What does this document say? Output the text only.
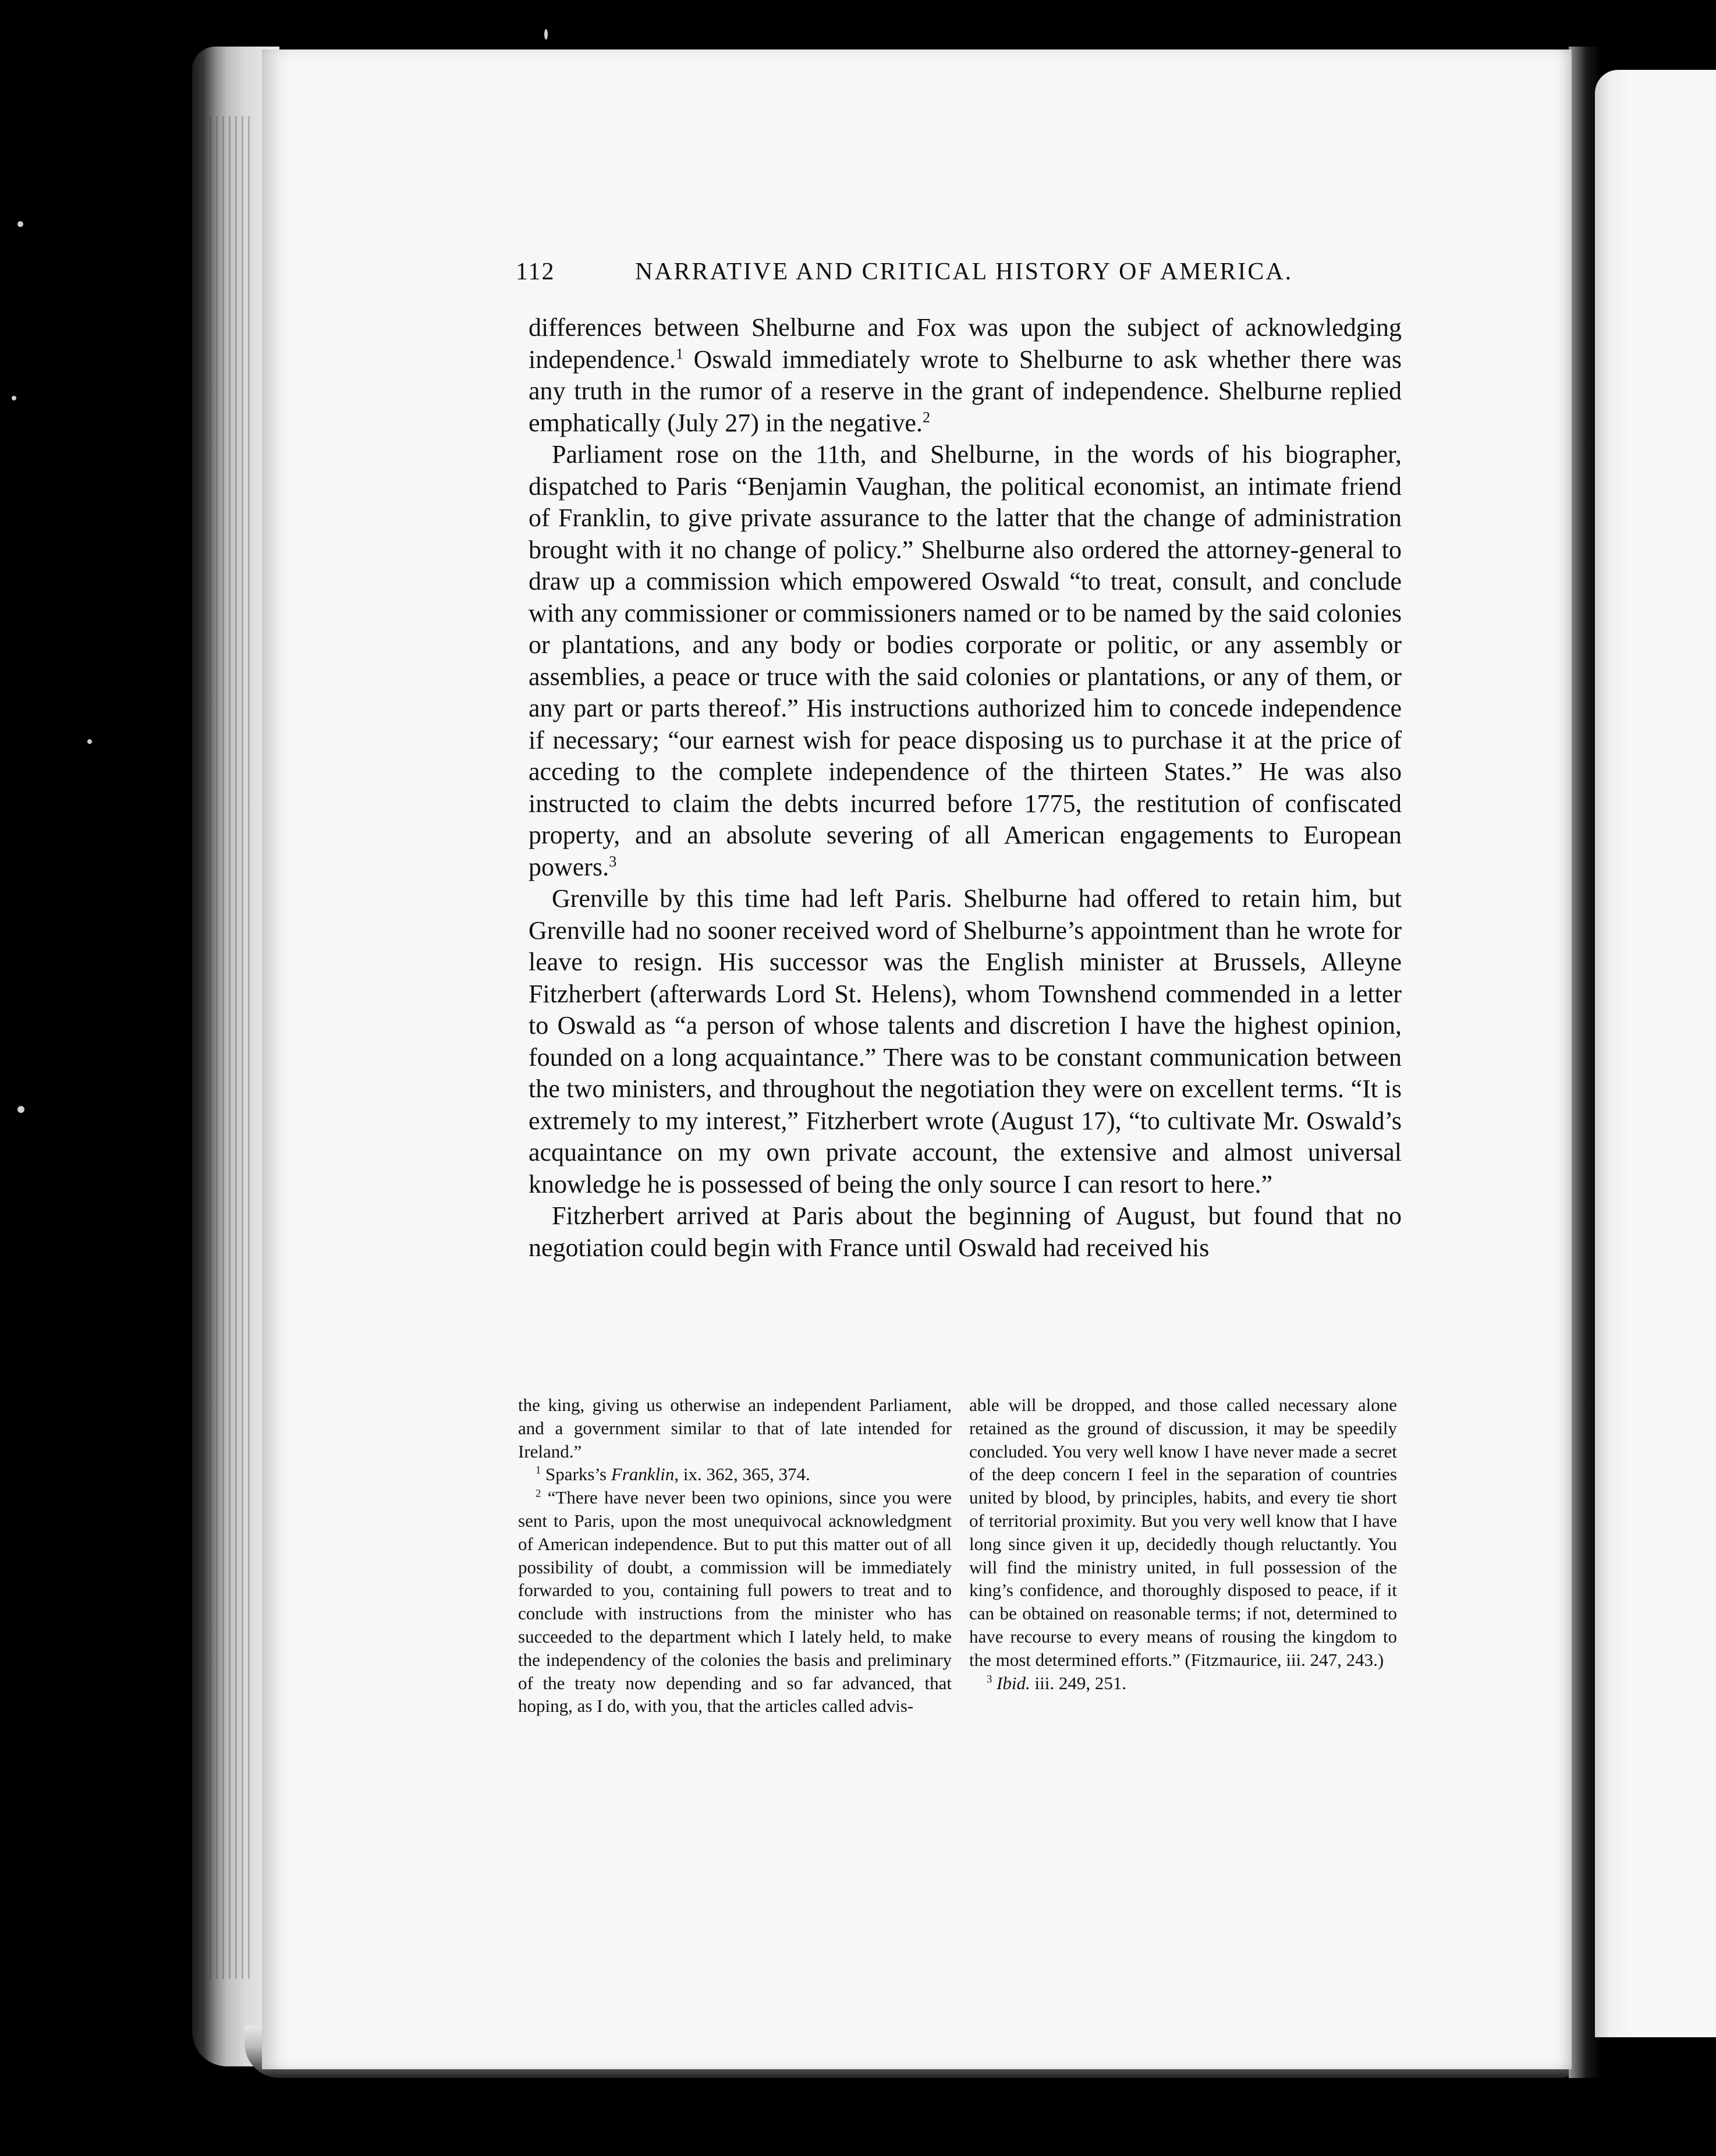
112	NARRATIVE AND CRITICAL HISTORY OF AMERICA.

differences between Shelburne and Fox was upon the subject of acknowledging independence.$^1$ Oswald immediately wrote to Shelburne to ask whether there was any truth in the rumor of a reserve in the grant of independence. Shelburne replied emphatically (July 27) in the negative.$^2$

Parliament rose on the 11th, and Shelburne, in the words of his biographer, dispatched to Paris “Benjamin Vaughan, the political economist, an intimate friend of Franklin, to give private assurance to the latter that the change of administration brought with it no change of policy.” Shelburne also ordered the attorney-general to draw up a commission which empowered Oswald “to treat, consult, and conclude with any commissioner or commissioners named or to be named by the said colonies or plantations, and any body or bodies corporate or politic, or any assembly or assemblies, a peace or truce with the said colonies or plantations, or any of them, or any part or parts thereof.” His instructions authorized him to concede independence if necessary; “our earnest wish for peace disposing us to purchase it at the price of acceding to the complete independence of the thirteen States.” He was also instructed to claim the debts incurred before 1775, the restitution of confiscated property, and an absolute severing of all American engagements to European powers.$^3$

Grenville by this time had left Paris. Shelburne had offered to retain him, but Grenville had no sooner received word of Shelburne’s appointment than he wrote for leave to resign. His successor was the English minister at Brussels, Alleyne Fitzherbert (afterwards Lord St. Helens), whom Townshend commended in a letter to Oswald as “a person of whose talents and discretion I have the highest opinion, founded on a long acquaintance.” There was to be constant communication between the two ministers, and throughout the negotiation they were on excellent terms. “It is extremely to my interest,” Fitzherbert wrote (August 17), “to cultivate Mr. Oswald’s acquaintance on my own private account, the extensive and almost universal knowledge he is possessed of being the only source I can resort to here.”

Fitzherbert arrived at Paris about the beginning of August, but found that no negotiation could begin with France until Oswald had received his

the king, giving us otherwise an independent Parliament, and a government similar to that of late intended for Ireland.”

$^1$ Sparks’s Franklin, ix. 362, 365, 374.

$^2$ “There have never been two opinions, since you were sent to Paris, upon the most unequivocal acknowledgment of American independence. But to put this matter out of all possibility of doubt, a commission will be immediately forwarded to you, containing full powers to treat and to conclude with instructions from the minister who has succeeded to the department which I lately held, to make the independency of the colonies the basis and preliminary of the treaty now depending and so far advanced, that hoping, as I do, with you, that the articles called advis-

able will be dropped, and those called necessary alone retained as the ground of discussion, it may be speedily concluded. You very well know I have never made a secret of the deep concern I feel in the separation of countries united by blood, by principles, habits, and every tie short of territorial proximity. But you very well know that I have long since given it up, decidedly though reluctantly. You will find the ministry united, in full possession of the king’s confidence, and thoroughly disposed to peace, if it can be obtained on reasonable terms; if not, determined to have recourse to every means of rousing the kingdom to the most determined efforts.” (Fitzmaurice, iii. 247, 243.)

$^3$ Ibid. iii. 249, 251.
